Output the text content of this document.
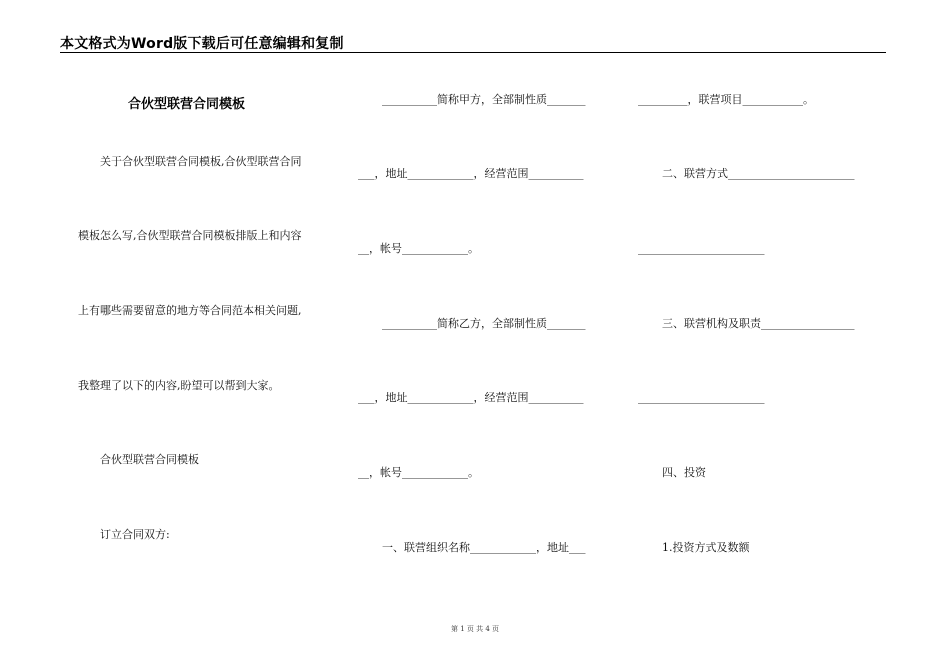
本文格式为Word版下载后可任意编辑和复制
合伙型联营合同模板
关于合伙型联营合同模板,合伙型联营合同
模板怎么写,合伙型联营合同模板排版上和内容
上有哪些需要留意的地方等合同范本相关问题,
我整理了以下的内容,盼望可以帮到大家。
合伙型联营合同模板
订立合同双方:
__________简称甲方，全部制性质_______
___，地址____________，经营范围__________
__，帐号____________。
__________简称乙方，全部制性质_______
___，地址____________，经营范围__________
__，帐号____________。
一、联营组织名称____________，地址___
_________，联营项目___________。
二、联营方式_______________________
_______________________
三、联营机构及职责_________________
_______________________
四、投资
1.投资方式及数额
第 1 页 共 4 页
